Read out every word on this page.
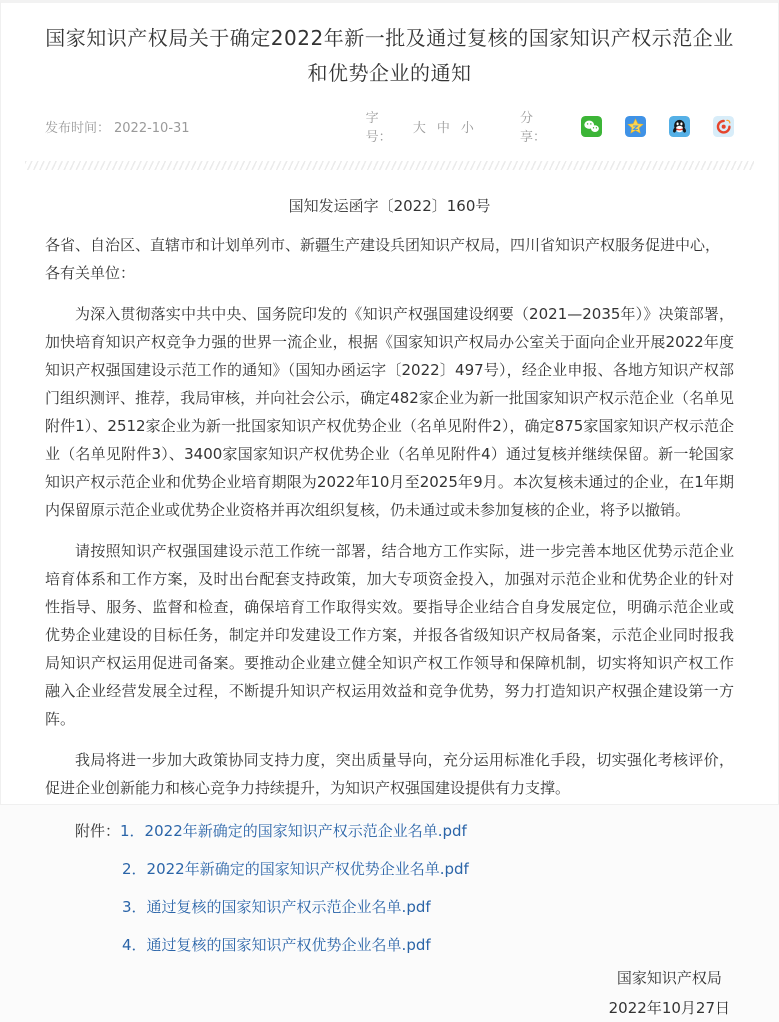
国家知识产权局关于确定2022年新一批及通过复核的国家知识产权示范企业和优势企业的通知
发布时间： 2022-10-31
字号：
大 中 小
分享：
国知发运函字〔2022〕160号
各省、自治区、直辖市和计划单列市、新疆生产建设兵团知识产权局，四川省知识产权服务促进中心，各有关单位：

为深入贯彻落实中共中央、国务院印发的《知识产权强国建设纲要（2021—2035年）》决策部署，加快培育知识产权竞争力强的世界一流企业，根据《国家知识产权局办公室关于面向企业开展2022年度知识产权强国建设示范工作的通知》（国知办函运字〔2022〕497号），经企业申报、各地方知识产权部门组织测评、推荐，我局审核，并向社会公示，确定482家企业为新一批国家知识产权示范企业（名单见附件1）、2512家企业为新一批国家知识产权优势企业（名单见附件2），确定875家国家知识产权示范企业（名单见附件3）、3400家国家知识产权优势企业（名单见附件4）通过复核并继续保留。新一轮国家知识产权示范企业和优势企业培育期限为2022年10月至2025年9月。本次复核未通过的企业，在1年期内保留原示范企业或优势企业资格并再次组织复核，仍未通过或未参加复核的企业，将予以撤销。

请按照知识产权强国建设示范工作统一部署，结合地方工作实际，进一步完善本地区优势示范企业培育体系和工作方案，及时出台配套支持政策，加大专项资金投入，加强对示范企业和优势企业的针对性指导、服务、监督和检查，确保培育工作取得实效。要指导企业结合自身发展定位，明确示范企业或优势企业建设的目标任务，制定并印发建设工作方案，并报各省级知识产权局备案，示范企业同时报我局知识产权运用促进司备案。要推动企业建立健全知识产权工作领导和保障机制，切实将知识产权工作融入企业经营发展全过程，不断提升知识产权运用效益和竞争优势，努力打造知识产权强企建设第一方阵。

我局将进一步加大政策协同支持力度，突出质量导向，充分运用标准化手段，切实强化考核评价，促进企业创新能力和核心竞争力持续提升，为知识产权强国建设提供有力支撑。

附件：1．2022年新确定的国家知识产权示范企业名单.pdf
2．2022年新确定的国家知识产权优势企业名单.pdf
3．通过复核的国家知识产权示范企业名单.pdf
4．通过复核的国家知识产权优势企业名单.pdf
国家知识产权局
2022年10月27日
